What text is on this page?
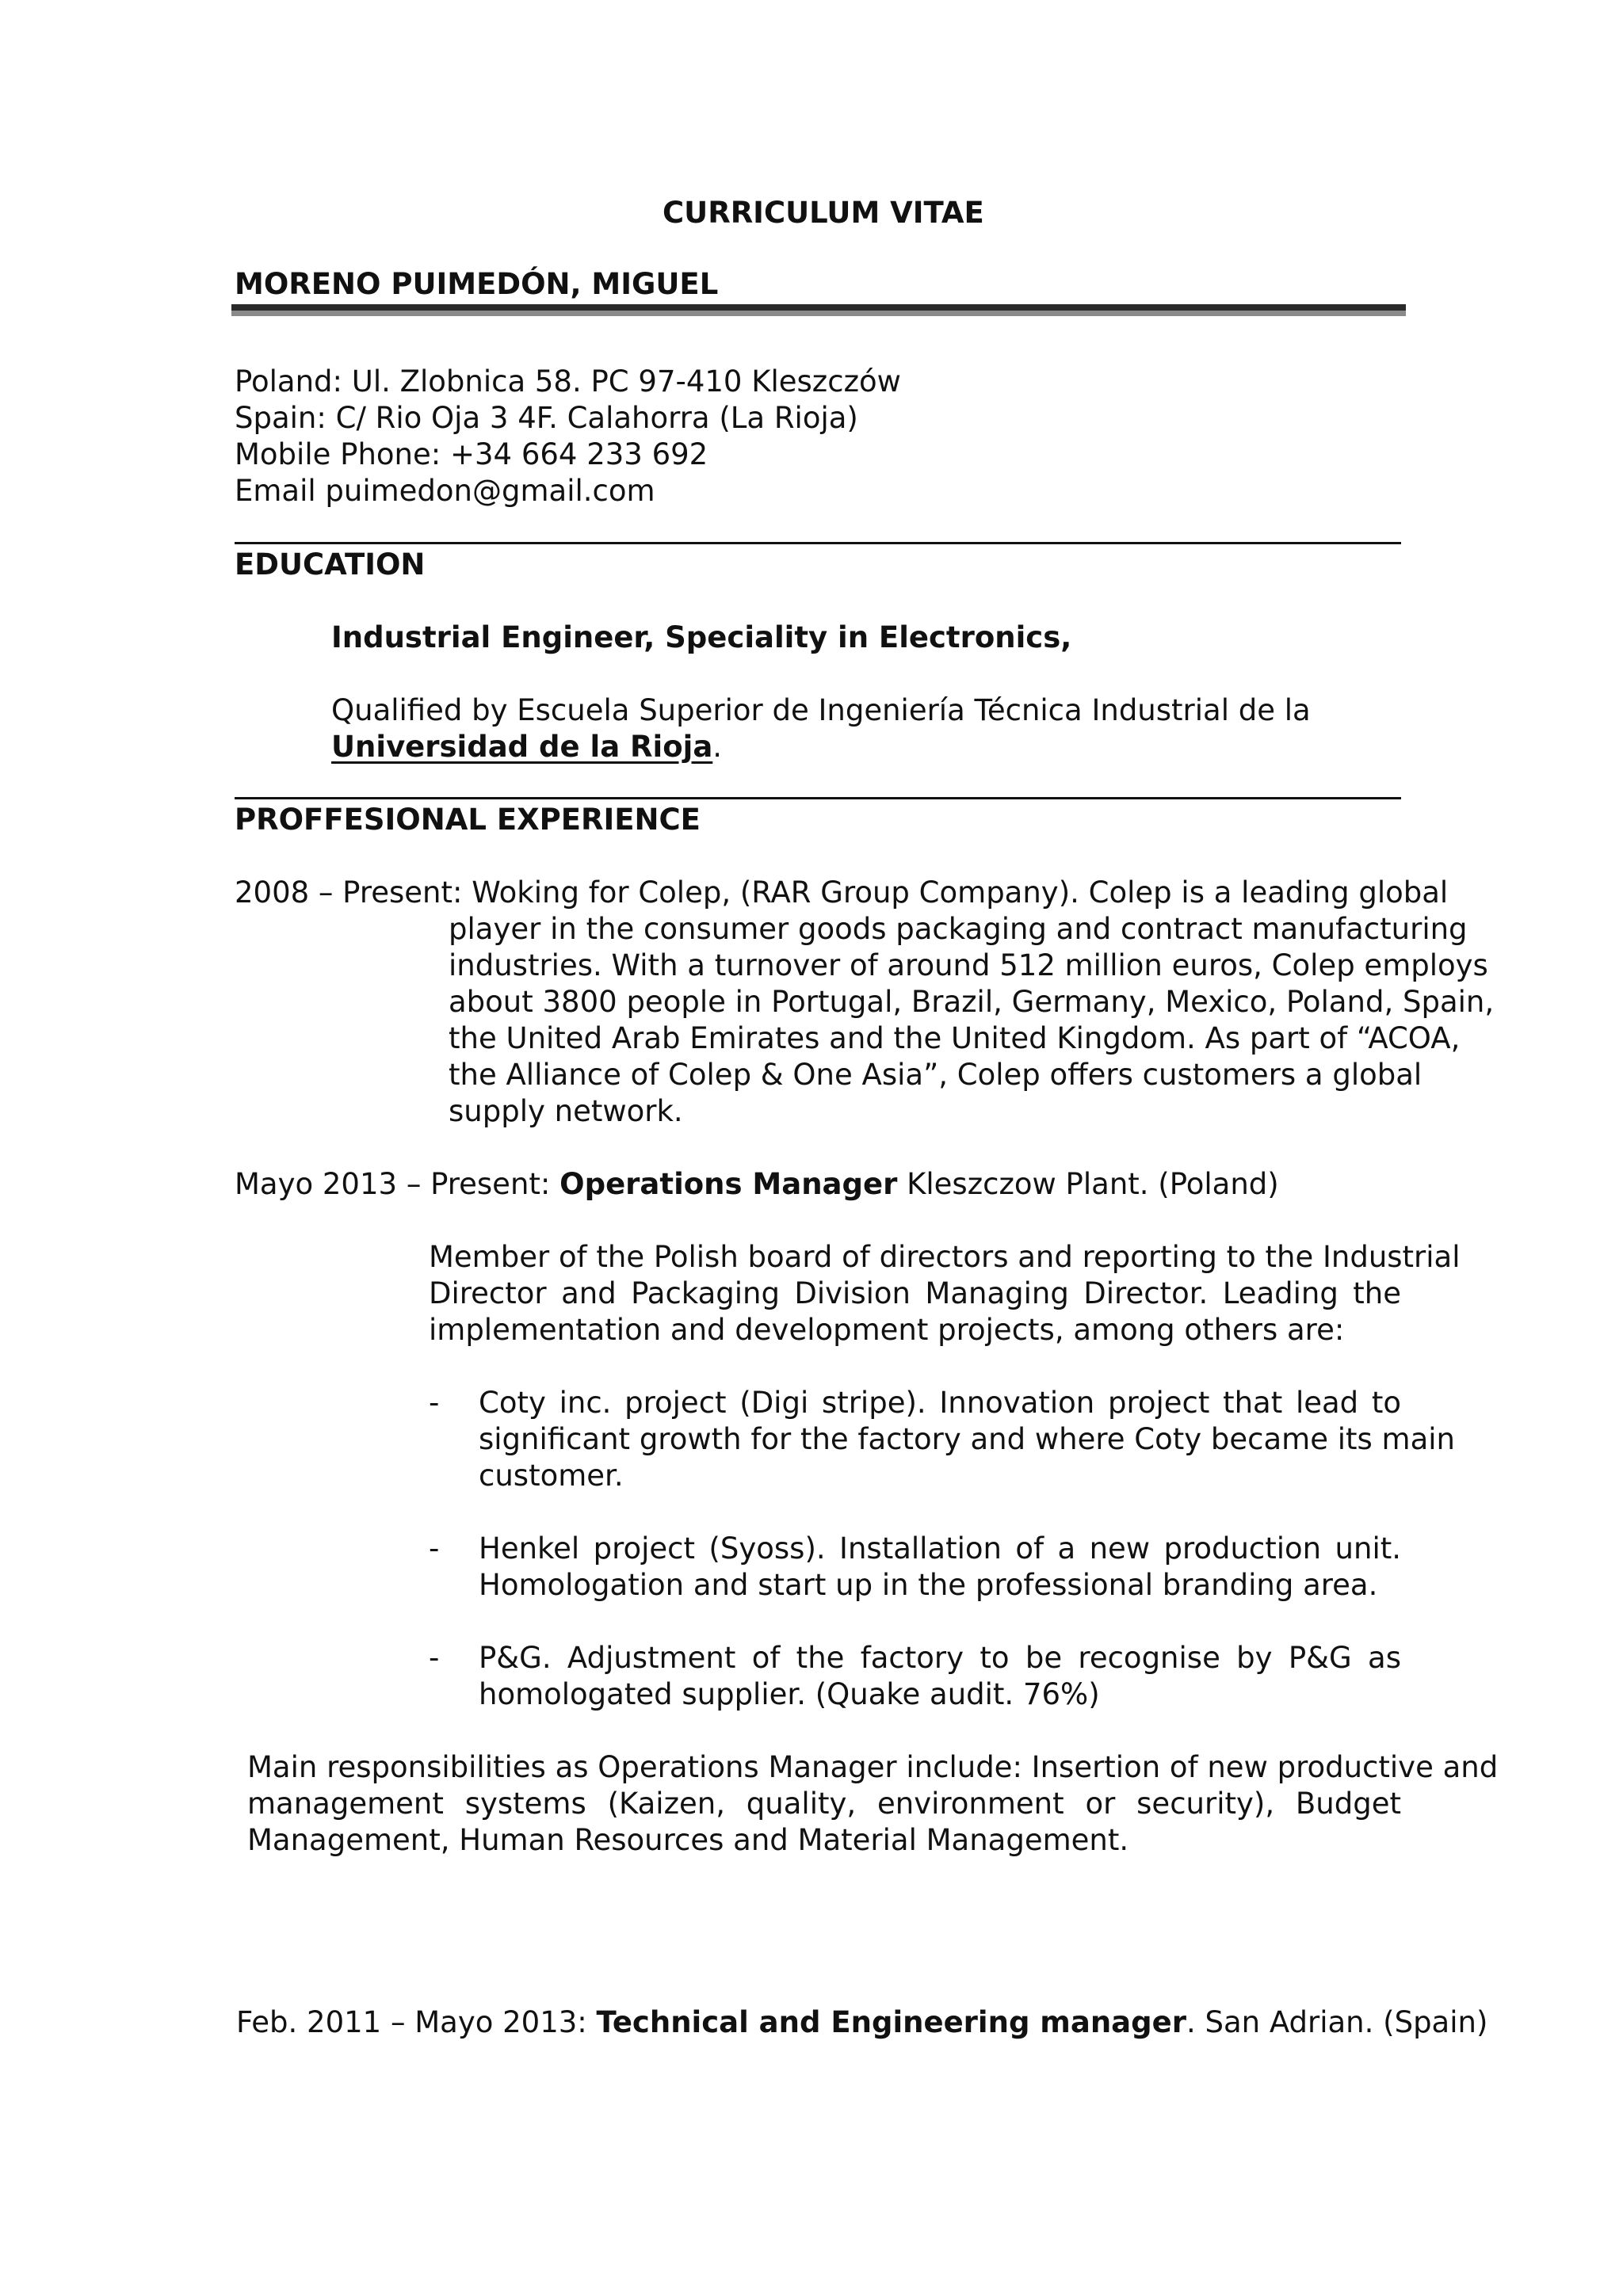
CURRICULUM VITAE
MORENO PUIMEDÓN, MIGUEL
Poland: Ul. Zlobnica 58. PC 97-410 Kleszczów
Spain: C/ Rio Oja 3 4F. Calahorra (La Rioja)
Mobile Phone: +34 664 233 692
Email puimedon@gmail.com
EDUCATION
Industrial Engineer, Speciality in Electronics,
Qualified by Escuela Superior de Ingeniería Técnica Industrial de la
Universidad de la Rioja.
PROFFESIONAL EXPERIENCE
2008 – Present: Woking for Colep, (RAR Group Company). Colep is a leading global
player in the consumer goods packaging and contract manufacturing
industries. With a turnover of around 512 million euros, Colep employs
about 3800 people in Portugal, Brazil, Germany, Mexico, Poland, Spain,
the United Arab Emirates and the United Kingdom. As part of “ACOA,
the Alliance of Colep & One Asia”, Colep offers customers a global
supply network.
Mayo 2013 – Present: Operations Manager Kleszczow Plant. (Poland)
Member of the Polish board of directors and reporting to the Industrial
Director and Packaging Division Managing Director. Leading the
implementation and development projects, among others are:
- Coty inc. project (Digi stripe). Innovation project that lead to
significant growth for the factory and where Coty became its main
customer.
- Henkel project (Syoss). Installation of a new production unit.
Homologation and start up in the professional branding area.
- P&G. Adjustment of the factory to be recognise by P&G as
homologated supplier. (Quake audit. 76%)
Main responsibilities as Operations Manager include: Insertion of new productive and
management systems (Kaizen, quality, environment or security), Budget
Management, Human Resources and Material Management.
Feb. 2011 – Mayo 2013: Technical and Engineering manager. San Adrian. (Spain)
